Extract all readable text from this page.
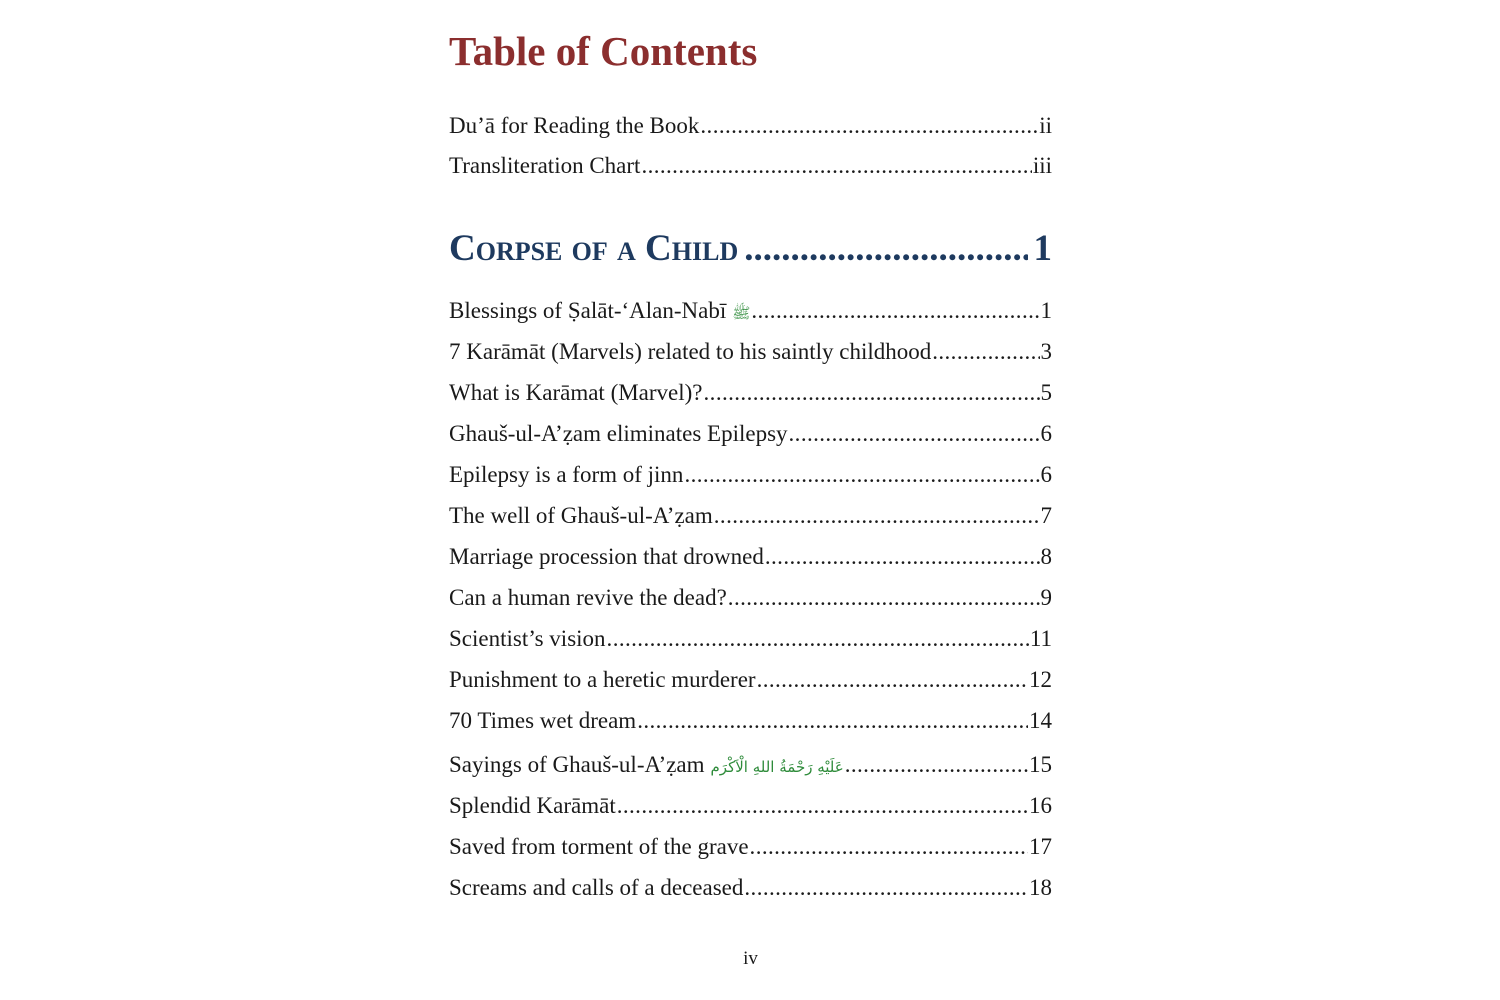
Table of Contents
Du’ā for Reading the Book .....	ii
Transliteration Chart .....	iii
Corpse of a Child .....	1
Blessings of Ṣalāt-‘Alan-Nabī ﷺ .....	1
7 Karāmāt (Marvels) related to his saintly childhood .....	3
What is Karāmat (Marvel)? .....	5
Ghauš-ul-A’ẓam eliminates Epilepsy .....	6
Epilepsy is a form of jinn .....	6
The well of Ghauš-ul-A’ẓam .....	7
Marriage procession that drowned .....	8
Can a human revive the dead? .....	9
Scientist’s vision .....	11
Punishment to a heretic murderer .....	12
70 Times wet dream .....	14
Sayings of Ghauš-ul-A’ẓam عَلَيْهِ رَحْمَةُ اللهِ الْاَكْرَم .....	15
Splendid Karāmāt .....	16
Saved from torment of the grave .....	17
Screams and calls of a deceased .....	18
iv
